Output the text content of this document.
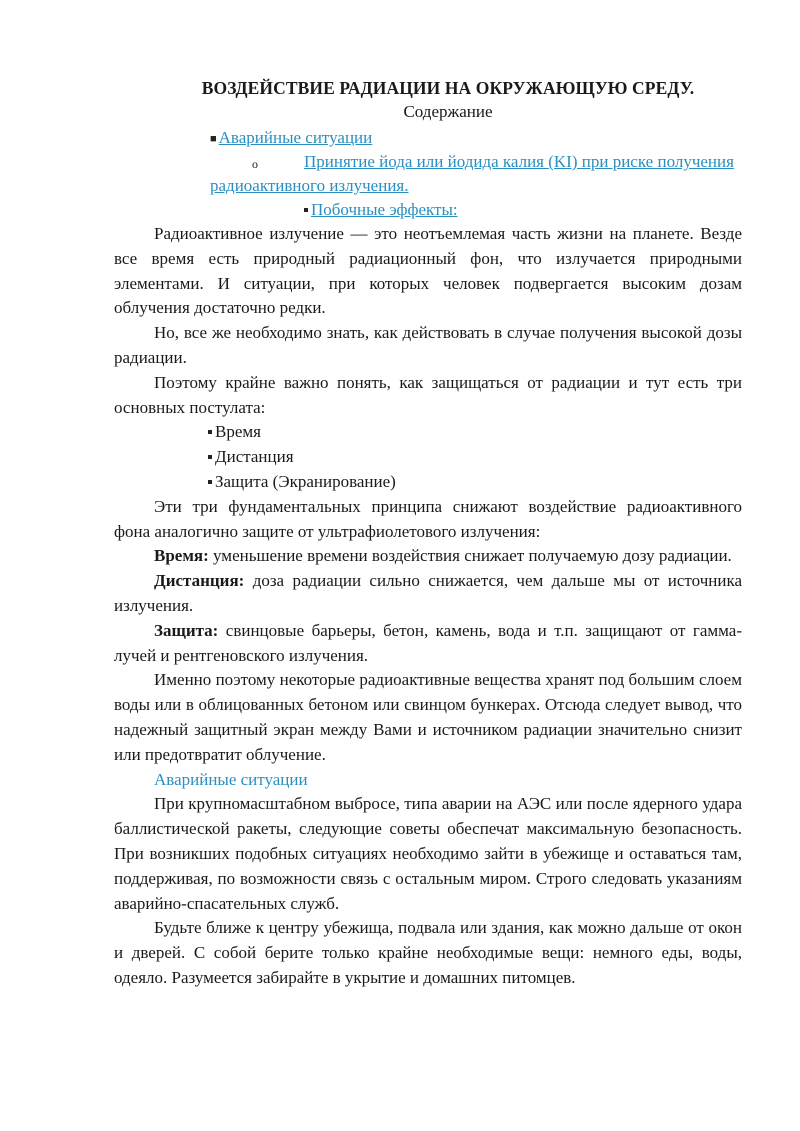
ВОЗДЕЙСТВИЕ РАДИАЦИИ НА ОКРУЖАЮЩУЮ СРЕДУ.
Содержание
■ Аварийные ситуации
o	Принятие йода или йодида калия (KI) при риске получения радиоактивного излучения.
Побочные эффекты:

Радиоактивное излучение — это неотъемлемая часть жизни на планете. Везде все время есть природный радиационный фон, что излучается природными элементами. И ситуации, при которых человек подвергается высоким дозам облучения достаточно редки.

Но, все же необходимо знать, как действовать в случае получения высокой дозы радиации.

Поэтому крайне важно понять, как защищаться от радиации и тут есть три основных постулата:

Время
Дистанция
Защита (Экранирование)

Эти три фундаментальных принципа снижают воздействие радиоактивного фона аналогично защите от ультрафиолетового излучения:

Время: уменьшение времени воздействия снижает получаемую дозу радиации.

Дистанция: доза радиации сильно снижается, чем дальше мы от источника излучения.

Защита: свинцовые барьеры, бетон, камень, вода и т.п. защищают от гамма-лучей и рентгеновского излучения.

Именно поэтому некоторые радиоактивные вещества хранят под большим слоем воды или в облицованных бетоном или свинцом бункерах. Отсюда следует вывод, что надежный защитный экран между Вами и источником радиации значительно снизит или предотвратит облучение.

Аварийные ситуации

При крупномасштабном выбросе, типа аварии на АЭС или после ядерного удара баллистической ракеты, следующие советы обеспечат максимальную безопасность. При возникших подобных ситуациях необходимо зайти в убежище и оставаться там, поддерживая, по возможности связь с остальным миром. Строго следовать указаниям аварийно-спасательных служб.

Будьте ближе к центру убежища, подвала или здания, как можно дальше от окон и дверей. С собой берите только крайне необходимые вещи: немного еды, воды, одеяло. Разумеется забирайте в укрытие и домашних питомцев.
